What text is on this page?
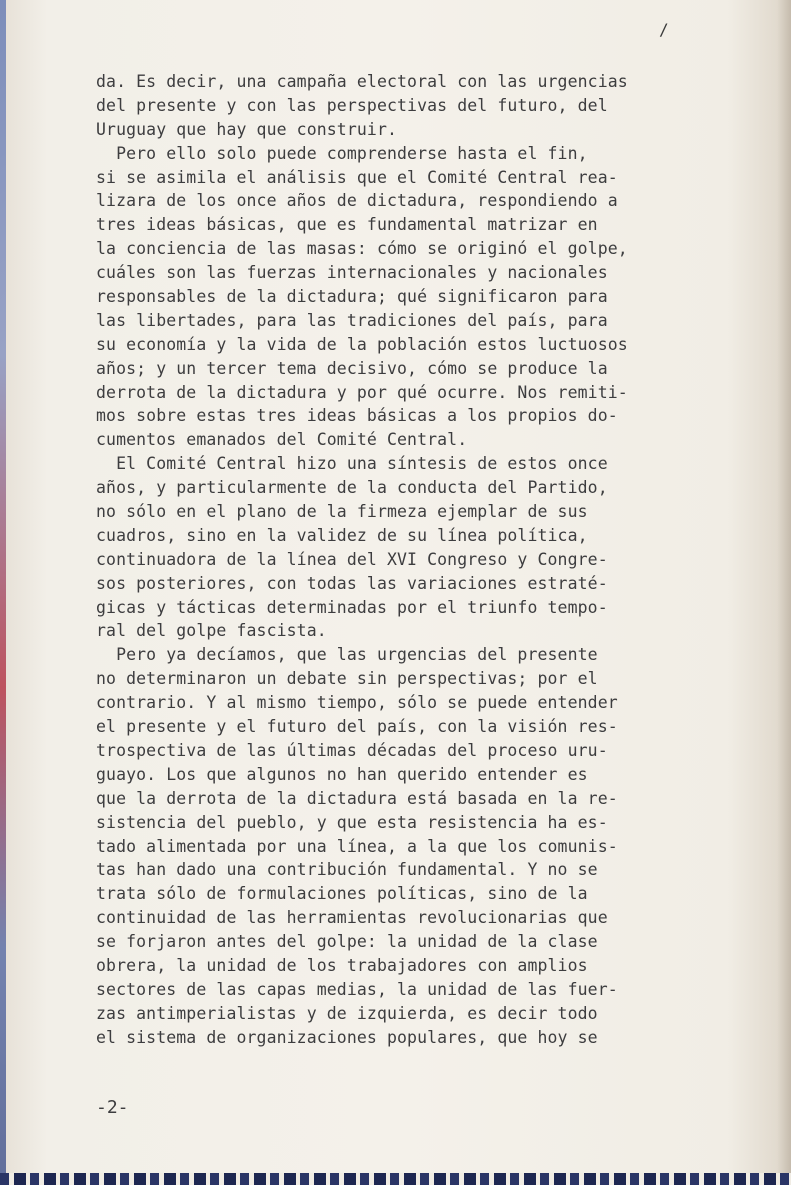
/
da. Es decir, una campaña electoral con las urgencias
del presente y con las perspectivas del futuro, del
Uruguay que hay que construir.
Pero ello solo puede comprenderse hasta el fin,
si se asimila el análisis que el Comité Central rea-
lizara de los once años de dictadura, respondiendo a
tres ideas básicas, que es fundamental matrizar en
la conciencia de las masas: cómo se originó el golpe,
cuáles son las fuerzas internacionales y nacionales
responsables de la dictadura; qué significaron para
las libertades, para las tradiciones del país, para
su economía y la vida de la población estos luctuosos
años; y un tercer tema decisivo, cómo se produce la
derrota de la dictadura y por qué ocurre. Nos remiti-
mos sobre estas tres ideas básicas a los propios do-
cumentos emanados del Comité Central.
El Comité Central hizo una síntesis de estos once
años, y particularmente de la conducta del Partido,
no sólo en el plano de la firmeza ejemplar de sus
cuadros, sino en la validez de su línea política,
continuadora de la línea del XVI Congreso y Congre-
sos posteriores, con todas las variaciones estraté-
gicas y tácticas determinadas por el triunfo tempo-
ral del golpe fascista.
Pero ya decíamos, que las urgencias del presente
no determinaron un debate sin perspectivas; por el
contrario. Y al mismo tiempo, sólo se puede entender
el presente y el futuro del país, con la visión res-
trospectiva de las últimas décadas del proceso uru-
guayo. Los que algunos no han querido entender es
que la derrota de la dictadura está basada en la re-
sistencia del pueblo, y que esta resistencia ha es-
tado alimentada por una línea, a la que los comunis-
tas han dado una contribución fundamental. Y no se
trata sólo de formulaciones políticas, sino de la
continuidad de las herramientas revolucionarias que
se forjaron antes del golpe: la unidad de la clase
obrera, la unidad de los trabajadores con amplios
sectores de las capas medias, la unidad de las fuer-
zas antimperialistas y de izquierda, es decir todo
el sistema de organizaciones populares, que hoy se
-2-
